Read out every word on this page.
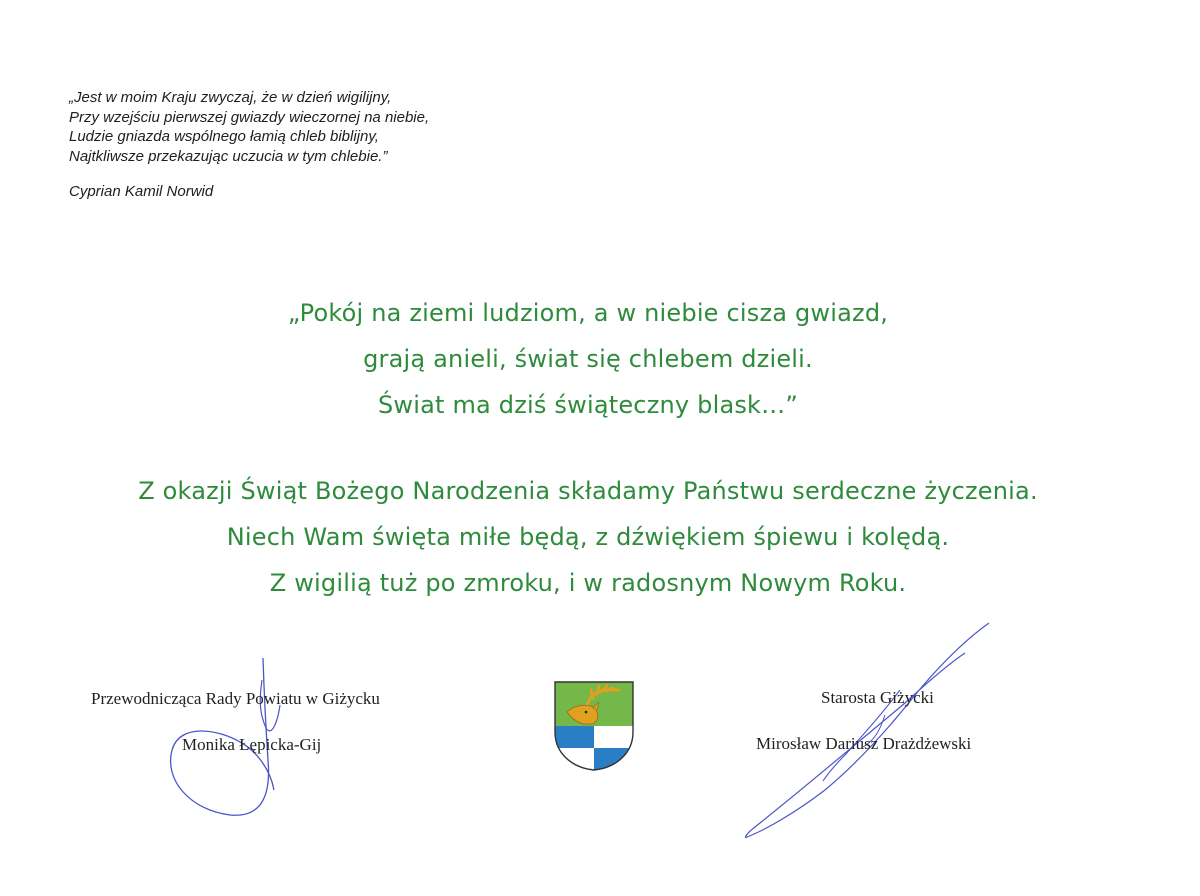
„Jest w moim Kraju zwyczaj, że w dzień wigilijny,
Przy wzejściu pierwszej gwiazdy wieczornej na niebie,
Ludzie gniazda wspólnego łamią chleb biblijny,
Najtkliwsze przekazując uczucia w tym chlebie.”
Cyprian Kamil Norwid
„Pokój na ziemi ludziom, a w niebie cisza gwiazd,
grają anieli, świat się chlebem dzieli.
Świat ma dziś świąteczny blask…”
Z okazji Świąt Bożego Narodzenia składamy Państwu serdeczne życzenia.
Niech Wam święta miłe będą, z dźwiękiem śpiewu i kolędą.
Z wigilią tuż po zmroku, i w radosnym Nowym Roku.
Przewodnicząca Rady Powiatu w Giżycku
Monika Łępicka-Gij
Starosta Giżycki
Mirosław Dariusz Drażdżewski
